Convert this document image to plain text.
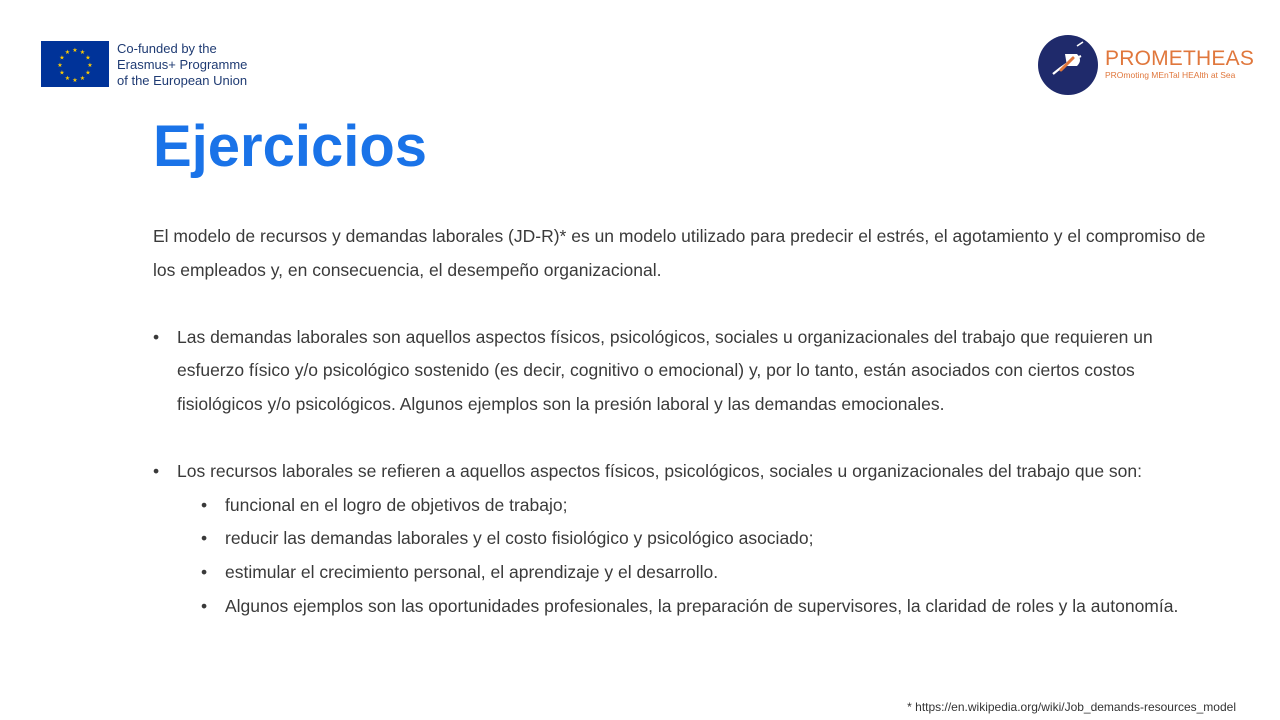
★ ★
★
★
★
★
★
★
★
★
★
★	Co-funded by the
Erasmus+ Programme
of the European Union
PROMETHEAS
PROmoting MEnTal HEAlth at Sea
Ejercicios

El modelo de recursos y demandas laborales (JD-R)* es un modelo utilizado para predecir el estrés, el agotamiento y el compromiso de los empleados y, en consecuencia, el desempeño organizacional.

• Las demandas laborales son aquellos aspectos físicos, psicológicos, sociales u organizacionales del trabajo que requieren un esfuerzo físico y/o psicológico sostenido (es decir, cognitivo o emocional) y, por lo tanto, están asociados con ciertos costos fisiológicos y/o psicológicos. Algunos ejemplos son la presión laboral y las demandas emocionales.
• Los recursos laborales se refieren a aquellos aspectos físicos, psicológicos, sociales u organizacionales del trabajo que son:
• funcional en el logro de objetivos de trabajo;
• reducir las demandas laborales y el costo fisiológico y psicológico asociado;
• estimular el crecimiento personal, el aprendizaje y el desarrollo.
• Algunos ejemplos son las oportunidades profesionales, la preparación de supervisores, la claridad de roles y la autonomía.
* https://en.wikipedia.org/wiki/Job_demands-resources_model
